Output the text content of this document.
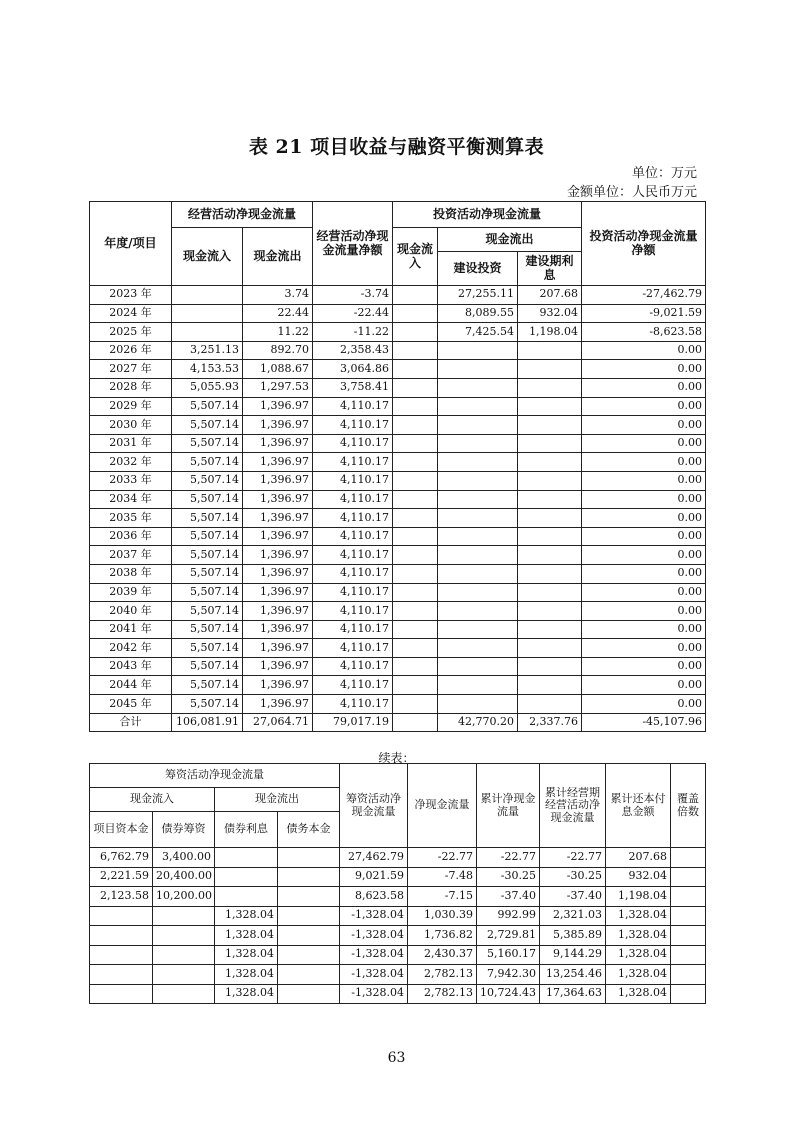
表 21 项目收益与融资平衡测算表
单位：万元
金额单位：人民币万元
年度/项目	经营活动净现金流量		经营活动净现金流量净额	投资活动净现金流量			投资活动净现金流量净额
	现金流入	现金流出		现金流入	现金流出		
					建设投资	建设期利息	
2023 年		3.74	-3.74		27,255.11	207.68	-27,462.79
2024 年		22.44	-22.44		8,089.55	932.04	-9,021.59
2025 年		11.22	-11.22		7,425.54	1,198.04	-8,623.58
2026 年	3,251.13	892.70	2,358.43				0.00
2027 年	4,153.53	1,088.67	3,064.86				0.00
2028 年	5,055.93	1,297.53	3,758.41				0.00
2029 年	5,507.14	1,396.97	4,110.17				0.00
2030 年	5,507.14	1,396.97	4,110.17				0.00
2031 年	5,507.14	1,396.97	4,110.17				0.00
2032 年	5,507.14	1,396.97	4,110.17				0.00
2033 年	5,507.14	1,396.97	4,110.17				0.00
2034 年	5,507.14	1,396.97	4,110.17				0.00
2035 年	5,507.14	1,396.97	4,110.17				0.00
2036 年	5,507.14	1,396.97	4,110.17				0.00
2037 年	5,507.14	1,396.97	4,110.17				0.00
2038 年	5,507.14	1,396.97	4,110.17				0.00
2039 年	5,507.14	1,396.97	4,110.17				0.00
2040 年	5,507.14	1,396.97	4,110.17				0.00
2041 年	5,507.14	1,396.97	4,110.17				0.00
2042 年	5,507.14	1,396.97	4,110.17				0.00
2043 年	5,507.14	1,396.97	4,110.17				0.00
2044 年	5,507.14	1,396.97	4,110.17				0.00
2045 年	5,507.14	1,396.97	4,110.17				0.00
合计	106,081.91	27,064.71	79,017.19		42,770.20	2,337.76	-45,107.96
续表：
筹资活动净现金流量				筹资活动净现金流量	净现金流量	累计净现金流量	累计经营期经营活动净现金流量	累计还本付息金额	覆盖倍数
现金流入		现金流出							
项目资本金	债券筹资	债券利息	债务本金						
6,762.79	3,400.00			27,462.79	-22.77	-22.77	-22.77	207.68	
2,221.59	20,400.00			9,021.59	-7.48	-30.25	-30.25	932.04	
2,123.58	10,200.00			8,623.58	-7.15	-37.40	-37.40	1,198.04	
		1,328.04		-1,328.04	1,030.39	992.99	2,321.03	1,328.04	
		1,328.04		-1,328.04	1,736.82	2,729.81	5,385.89	1,328.04	
		1,328.04		-1,328.04	2,430.37	5,160.17	9,144.29	1,328.04	
		1,328.04		-1,328.04	2,782.13	7,942.30	13,254.46	1,328.04	
		1,328.04		-1,328.04	2,782.13	10,724.43	17,364.63	1,328.04	
63
